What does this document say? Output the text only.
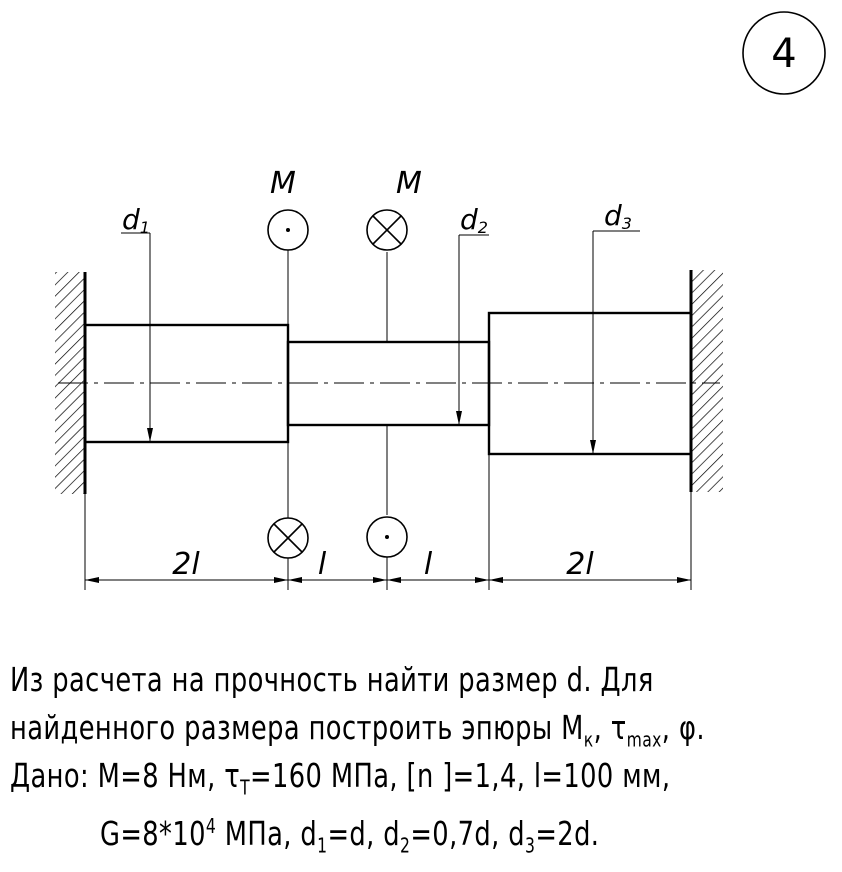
4
M	M
d1	d2	d3
2l	l	l	2l
Из расчета на прочность найти размер d. Для
найденного размера построить эпюры $M_к$, $\tau_{max}$, φ.
Дано: M=8 Нм, $\tau_Т=160$ МПа, [n ]=1,4, l=100 мм,
$G=8*10^4$ МПа, $d_1=d$, $d_2=0,7d$, $d_3=2d$.
